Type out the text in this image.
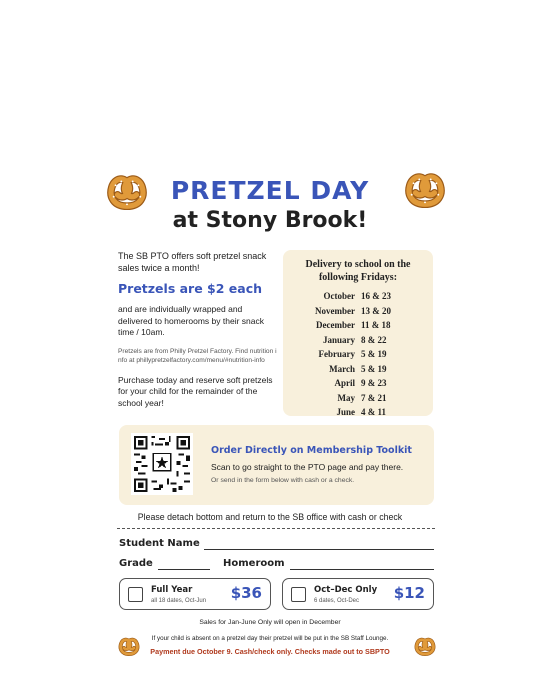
PRETZEL DAY
at Stony Brook!
The SB PTO offers soft pretzel snack sales twice a month!
Pretzels are $2 each
and are individually wrapped and delivered to homerooms by their snack time / 10am.
Pretzels are from Philly Pretzel Factory. Find nutrition info at phillypretzelfactory.com/menu/#nutrition-info
Purchase today and reserve soft pretzels for your child for the remainder of the school year!
Delivery to school on the following Fridays:
October 16 & 23
November 13 & 20
December 11 & 18
January 8 & 22
February 5 & 19
March 5 & 19
April 9 & 23
May 7 & 21
June 4 & 11
Order Directly on Membership Toolkit
Scan to go straight to the PTO page and pay there.
Or send in the form below with cash or a check.
Please detach bottom and return to the SB office with cash or check
Student Name
Grade	Homeroom
Full Year
all 18 dates, Oct-Jun $36	Oct–Dec Only
6 dates, Oct-Dec $12
Sales for Jan-June Only will open in December
If your child is absent on a pretzel day their pretzel will be put in the SB Staff Lounge.
Payment due October 9. Cash/check only. Checks made out to SBPTO
